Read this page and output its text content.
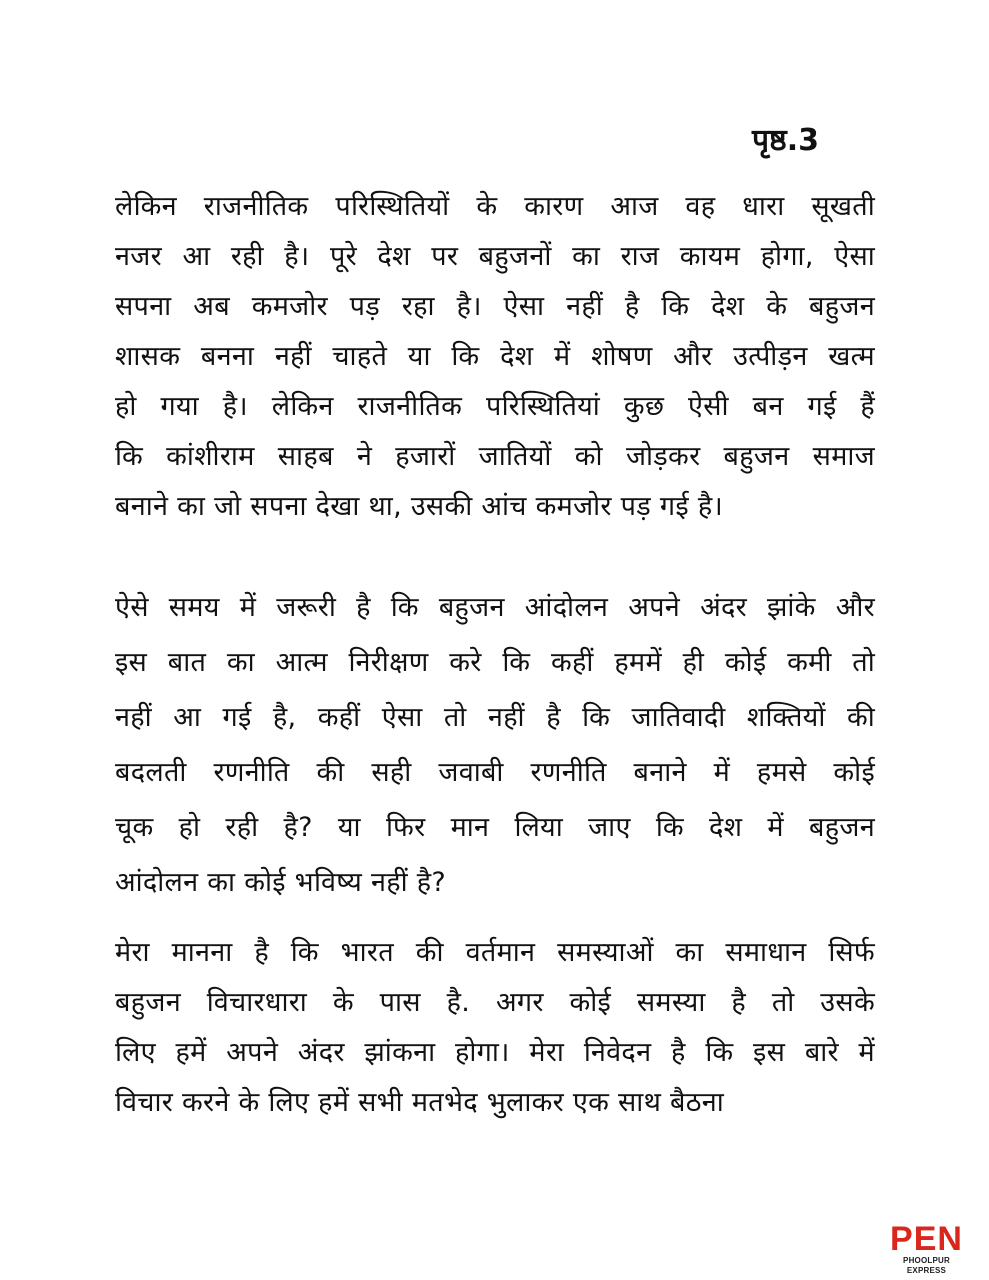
पृष्ठ.3
लेकिन राजनीतिक परिस्थितियों के कारण आज वह धारा सूखती
नजर आ रही है। पूरे देश पर बहुजनों का राज कायम होगा, ऐसा
सपना अब कमजोर पड़ रहा है। ऐसा नहीं है कि देश के बहुजन
शासक बनना नहीं चाहते या कि देश में शोषण और उत्पीड़न खत्म
हो गया है। लेकिन राजनीतिक परिस्थितियां कुछ ऐसी बन गई हैं
कि कांशीराम साहब ने हजारों जातियों को जोड़कर बहुजन समाज
बनाने का जो सपना देखा था, उसकी आंच कमजोर पड़ गई है।
ऐसे समय में जरूरी है कि बहुजन आंदोलन अपने अंदर झांके और
इस बात का आत्म निरीक्षण करे कि कहीं हममें ही कोई कमी तो
नहीं आ गई है, कहीं ऐसा तो नहीं है कि जातिवादी शक्तियों की
बदलती रणनीति की सही जवाबी रणनीति बनाने में हमसे कोई
चूक हो रही है? या फिर मान लिया जाए कि देश में बहुजन
आंदोलन का कोई भविष्य नहीं है?
मेरा मानना है कि भारत की वर्तमान समस्याओं का समाधान सिर्फ
बहुजन विचारधारा के पास है. अगर कोई समस्या है तो उसके
लिए हमें अपने अंदर झांकना होगा। मेरा निवेदन है कि इस बारे में
विचार करने के लिए हमें सभी मतभेद भुलाकर एक साथ बैठना
PEN
PHOOLPUR EXPRESS
